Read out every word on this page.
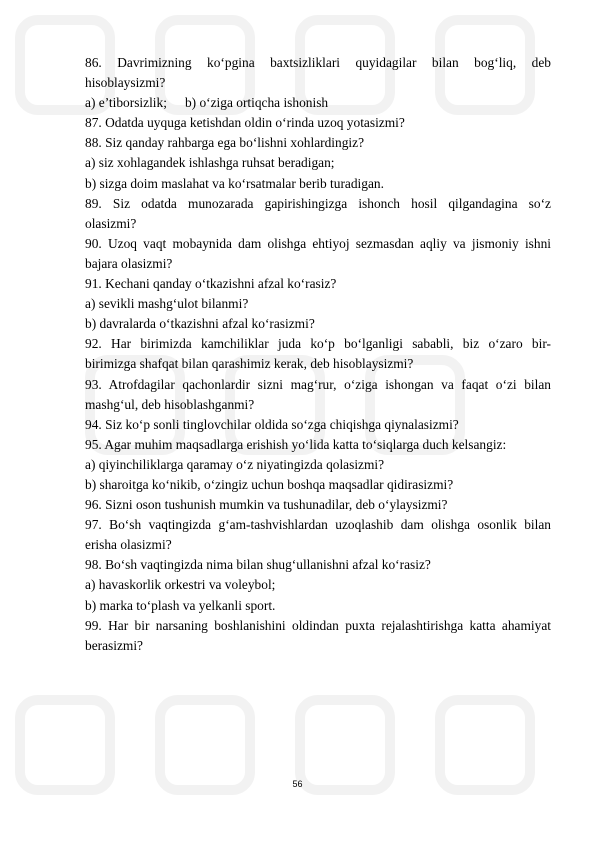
86. Davrimizning ko‘pgina baxtsizliklari quyidagilar bilan bog‘liq, deb

hisoblaysizmi?

a) e’tiborsizlik; b) o‘ziga ortiqcha ishonish

87. Odatda uyquga ketishdan oldin o‘rinda uzoq yotasizmi?

88. Siz qanday rahbarga ega bo‘lishni xohlardingiz?

a) siz xohlagandek ishlashga ruhsat beradigan;

b) sizga doim maslahat va ko‘rsatmalar berib turadigan.

89. Siz odatda munozarada gapirishingizga ishonch hosil qilgandagina so‘z

olasizmi?

90. Uzoq vaqt mobaynida dam olishga ehtiyoj sezmasdan aqliy va jismoniy ishni

bajara olasizmi?

91. Kechani qanday o‘tkazishni afzal ko‘rasiz?

a) sevikli mashg‘ulot bilanmi?

b) davralarda o‘tkazishni afzal ko‘rasizmi?

92. Har birimizda kamchiliklar juda ko‘p bo‘lganligi sababli, biz o‘zaro bir-

birimizga shafqat bilan qarashimiz kerak, deb hisoblaysizmi?

93. Atrofdagilar qachonlardir sizni mag‘rur, o‘ziga ishongan va faqat o‘zi bilan

mashg‘ul, deb hisoblashganmi?

94. Siz ko‘p sonli tinglovchilar oldida so‘zga chiqishga qiynalasizmi?

95. Agar muhim maqsadlarga erishish yo‘lida katta to‘siqlarga duch kelsangiz:

a) qiyinchiliklarga qaramay o‘z niyatingizda qolasizmi?

b) sharoitga ko‘nikib, o‘zingiz uchun boshqa maqsadlar qidirasizmi?

96. Sizni oson tushunish mumkin va tushunadilar, deb o‘ylaysizmi?

97. Bo‘sh vaqtingizda g‘am-tashvishlardan uzoqlashib dam olishga osonlik bilan

erisha olasizmi?

98. Bo‘sh vaqtingizda nima bilan shug‘ullanishni afzal ko‘rasiz?

a) havaskorlik orkestri va voleybol;

b) marka to‘plash va yelkanli sport.

99. Har bir narsaning boshlanishini oldindan puxta rejalashtirishga katta ahamiyat

berasizmi?

56
